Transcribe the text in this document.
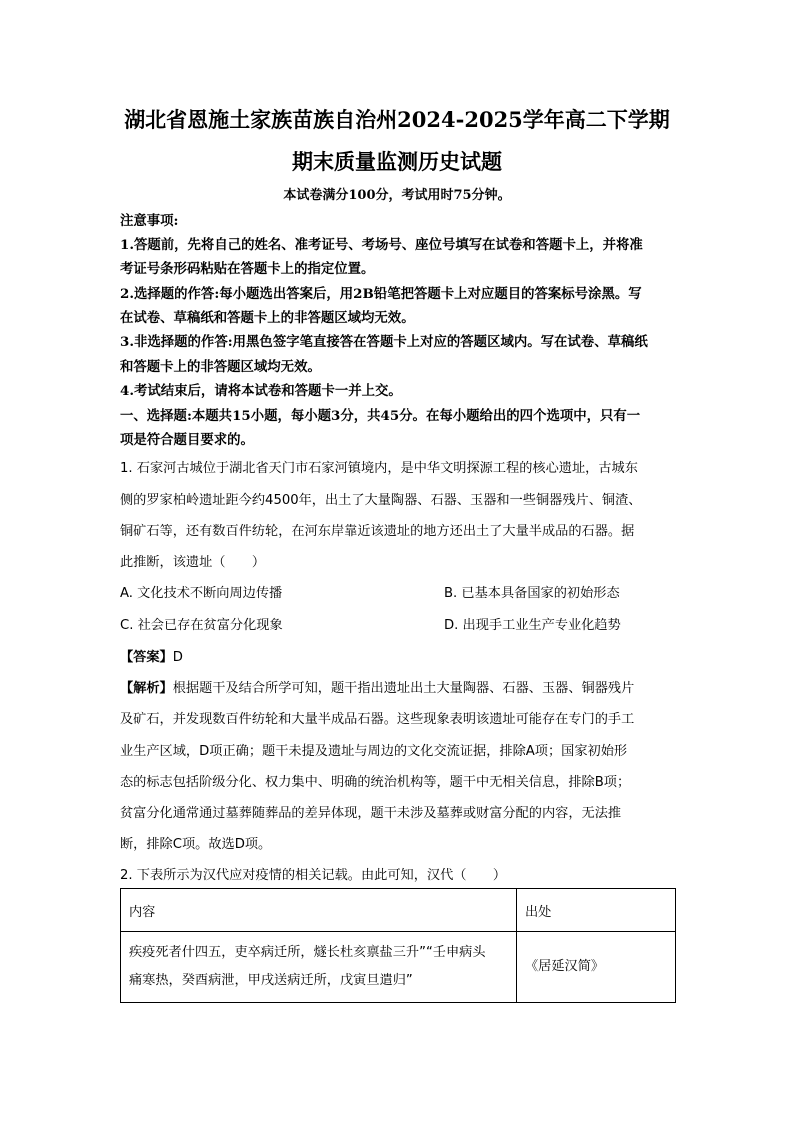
湖北省恩施土家族苗族自治州2024-2025学年高二下学期
期末质量监测历史试题
本试卷满分100分，考试用时75分钟。
注意事项:
1.答题前，先将自己的姓名、准考证号、考场号、座位号填写在试卷和答题卡上，并将准
考证号条形码粘贴在答题卡上的指定位置。
2.选择题的作答:每小题选出答案后，用2B铅笔把答题卡上对应题目的答案标号涂黑。写
在试卷、草稿纸和答题卡上的非答题区域均无效。
3.非选择题的作答:用黑色签字笔直接答在答题卡上对应的答题区域内。写在试卷、草稿纸
和答题卡上的非答题区域均无效。
4.考试结束后，请将本试卷和答题卡一并上交。
一、选择题:本题共15小题，每小题3分，共45分。在每小题给出的四个选项中，只有一
项是符合题目要求的。
1. 石家河古城位于湖北省天门市石家河镇境内，是中华文明探源工程的核心遗址，古城东
侧的罗家柏岭遗址距今约4500年，出土了大量陶器、石器、玉器和一些铜器残片、铜渣、
铜矿石等，还有数百件纺轮，在河东岸靠近该遗址的地方还出土了大量半成品的石器。据
此推断，该遗址（　　）
A. 文化技术不断向周边传播	B. 已基本具备国家的初始形态
C. 社会已存在贫富分化现象	D. 出现手工业生产专业化趋势
【答案】D
【解析】根据题干及结合所学可知，题干指出遗址出土大量陶器、石器、玉器、铜器残片
及矿石，并发现数百件纺轮和大量半成品石器。这些现象表明该遗址可能存在专门的手工
业生产区域，D项正确；题干未提及遗址与周边的文化交流证据，排除A项；国家初始形
态的标志包括阶级分化、权力集中、明确的统治机构等，题干中无相关信息，排除B项；
贫富分化通常通过墓葬随葬品的差异体现，题干未涉及墓葬或财富分配的内容，无法推
断，排除C项。故选D项。
2. 下表所示为汉代应对疫情的相关记载。由此可知，汉代（　　）
内容	出处

疾疫死者什四五，吏卒病迁所，燧长杜亥禀盐三升”“壬申病头
痛寒热，癸酉病泄，甲戌送病迁所，戊寅旦遣归”	《居延汉简》
